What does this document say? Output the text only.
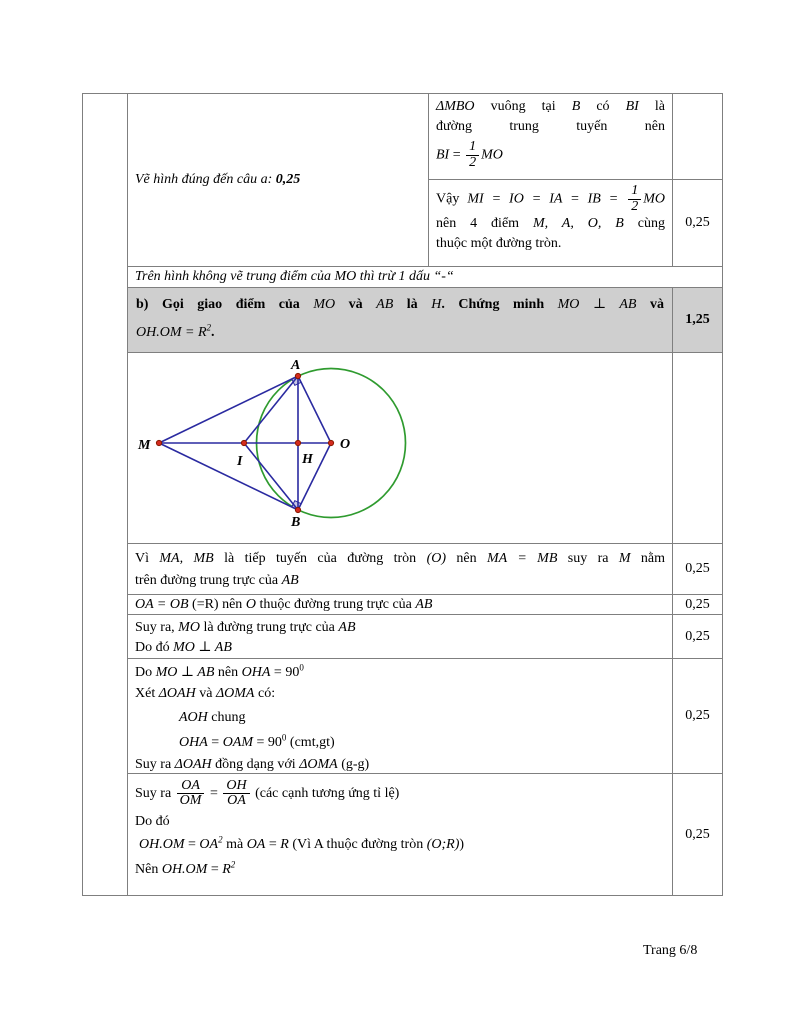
Vẽ hình đúng đến câu a: 0,25
ΔMBO vuông tại B có BI là
đường trung tuyến nên
BI = $\frac{1}{2}$ MO
Vậy MI = IO = IA = IB = $\frac{1}{2}$ MO
nên 4 điểm M, A, O, B cùng
thuộc một đường tròn.
0,25
Trên hình không vẽ trung điểm của MO thì trừ 1 dấu “-“
b) Gọi giao điểm của MO và AB là H. Chứng minh MO ⊥ AB và
$OH.OM = R^2$.
1,25
M
I	H
O
A
B
Vì MA, MB là tiếp tuyến của đường tròn (O) nên MA = MB suy ra M nằm
trên đường trung trực của AB
0,25
OA = OB (=R) nên O thuộc đường trung trực của AB	0,25
Suy ra, MO là đường trung trực của AB
Do đó MO ⊥ AB
0,25
Do MO ⊥ AB nên OHA = $90^0$
Xét ΔOAH và ΔOMA có:
AOH chung
OHA = OAM = $90^0$ (cmt,gt)
Suy ra ΔOAH đồng dạng với ΔOMA (g-g)
0,25
Suy ra $\frac{OA}{OM} = \frac{OH}{OA}$ (các cạnh tương ứng tỉ lệ)
Do đó
$OH.OM = OA^2$ mà OA = R (Vì A thuộc đường tròn (O;R))
Nên $OH.OM = R^2$
0,25
Trang 6/8
